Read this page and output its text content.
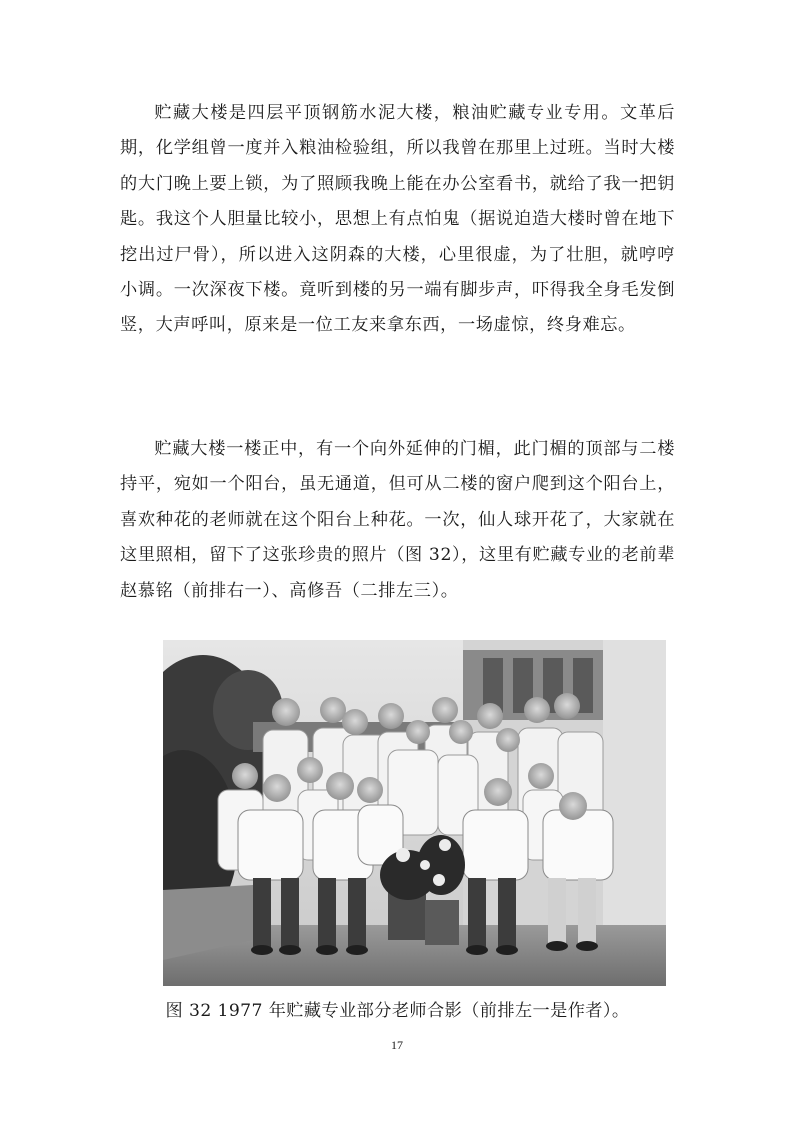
贮藏大楼是四层平顶钢筋水泥大楼，粮油贮藏专业专用。文革后期，化学组曾一度并入粮油检验组，所以我曾在那里上过班。当时大楼的大门晚上要上锁，为了照顾我晚上能在办公室看书，就给了我一把钥匙。我这个人胆量比较小，思想上有点怕鬼（据说迫造大楼时曾在地下挖出过尸骨），所以进入这阴森的大楼，心里很虚，为了壮胆，就哼哼小调。一次深夜下楼。竟听到楼的另一端有脚步声，吓得我全身毛发倒竖，大声呼叫，原来是一位工友来拿东西，一场虚惊，终身难忘。

贮藏大楼一楼正中，有一个向外延伸的门楣，此门楣的顶部与二楼持平，宛如一个阳台，虽无通道，但可从二楼的窗户爬到这个阳台上，喜欢种花的老师就在这个阳台上种花。一次，仙人球开花了，大家就在这里照相，留下了这张珍贵的照片（图 32），这里有贮藏专业的老前辈赵慕铭（前排右一）、高修吾（二排左三）。

图 32 1977 年贮藏专业部分老师合影（前排左一是作者）。
17
